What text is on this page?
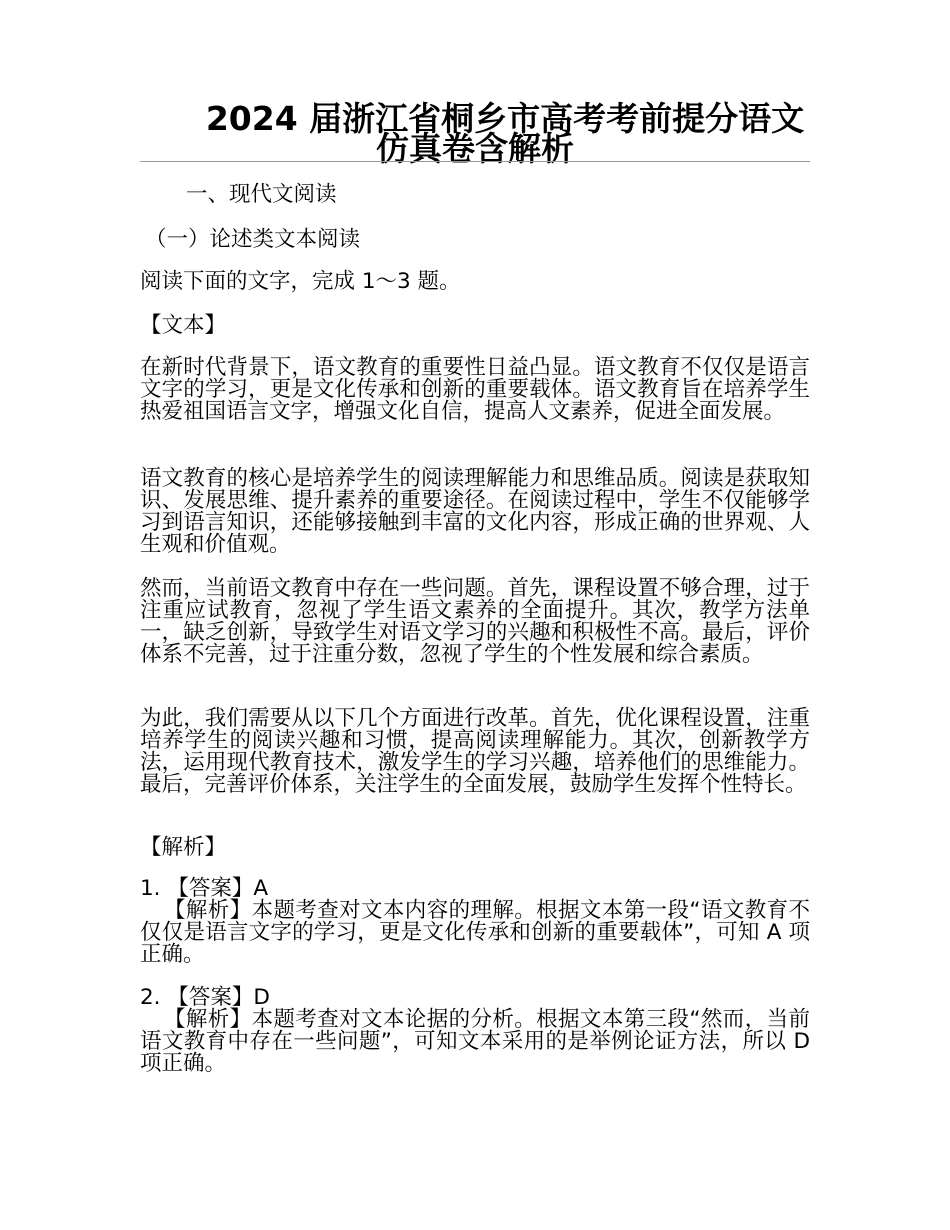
2024 届浙江省桐乡市高考考前提分语文
仿真卷含解析
一、现代文阅读
（一）论述类文本阅读
阅读下面的文字，完成 1～3 题。
【文本】
在新时代背景下，语文教育的重要性日益凸显。语文教育不仅仅是语言文字的学习，更是文化传承和创新的重要载体。语文教育旨在培养学生热爱祖国语言文字，增强文化自信，提高人文素养，促进全面发展。
语文教育的核心是培养学生的阅读理解能力和思维品质。阅读是获取知识、发展思维、提升素养的重要途径。在阅读过程中，学生不仅能够学习到语言知识，还能够接触到丰富的文化内容，形成正确的世界观、人生观和价值观。
然而，当前语文教育中存在一些问题。首先，课程设置不够合理，过于注重应试教育，忽视了学生语文素养的全面提升。其次，教学方法单一，缺乏创新，导致学生对语文学习的兴趣和积极性不高。最后，评价体系不完善，过于注重分数，忽视了学生的个性发展和综合素质。
为此，我们需要从以下几个方面进行改革。首先，优化课程设置，注重培养学生的阅读兴趣和习惯，提高阅读理解能力。其次，创新教学方法，运用现代教育技术，激发学生的学习兴趣，培养他们的思维能力。最后，完善评价体系，关注学生的全面发展，鼓励学生发挥个性特长。
【解析】
1. 【答案】A
【解析】本题考查对文本内容的理解。根据文本第一段“语文教育不仅仅是语言文字的学习，更是文化传承和创新的重要载体”，可知 A 项正确。
2. 【答案】D
【解析】本题考查对文本论据的分析。根据文本第三段“然而，当前语文教育中存在一些问题”，可知文本采用的是举例论证方法，所以 D 项正确。
